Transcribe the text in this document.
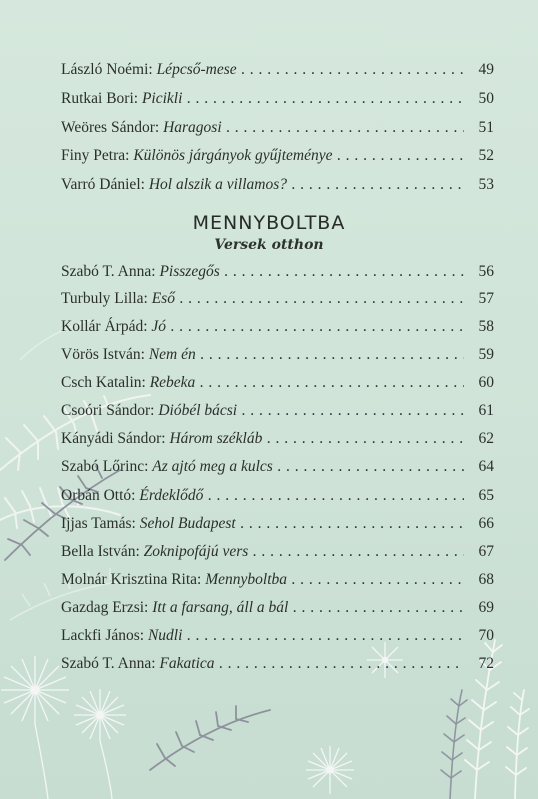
László Noémi: Lépcső-mese . . .	49
Rutkai Bori: Picikli . . .	50
Weöres Sándor: Haragosi . . .	51
Finy Petra: Különös járgányok gyűjteménye . . .	52
Varró Dániel: Hol alszik a villamos? . . .	53
MENNYBOLTBA
Versek otthon
Szabó T. Anna: Pisszegős . . .	56
Turbuly Lilla: Eső . . .	57
Kollár Árpád: Jó . . .	58
Vörös István: Nem én . . .	59
Csch Katalin: Rebeka . . .	60
Csoóri Sándor: Dióbél bácsi . . .	61
Kányádi Sándor: Három székláb . . .	62
Szabó Lőrinc: Az ajtó meg a kulcs . . .	64
Orbán Ottó: Érdeklődő . . .	65
Ijjas Tamás: Sehol Budapest . . .	66
Bella István: Zoknipofájú vers . . .	67
Molnár Krisztina Rita: Mennyboltba . . .	68
Gazdag Erzsi: Itt a farsang, áll a bál . . .	69
Lackfi János: Nudli . . .	70
Szabó T. Anna: Fakatica . . .	72
